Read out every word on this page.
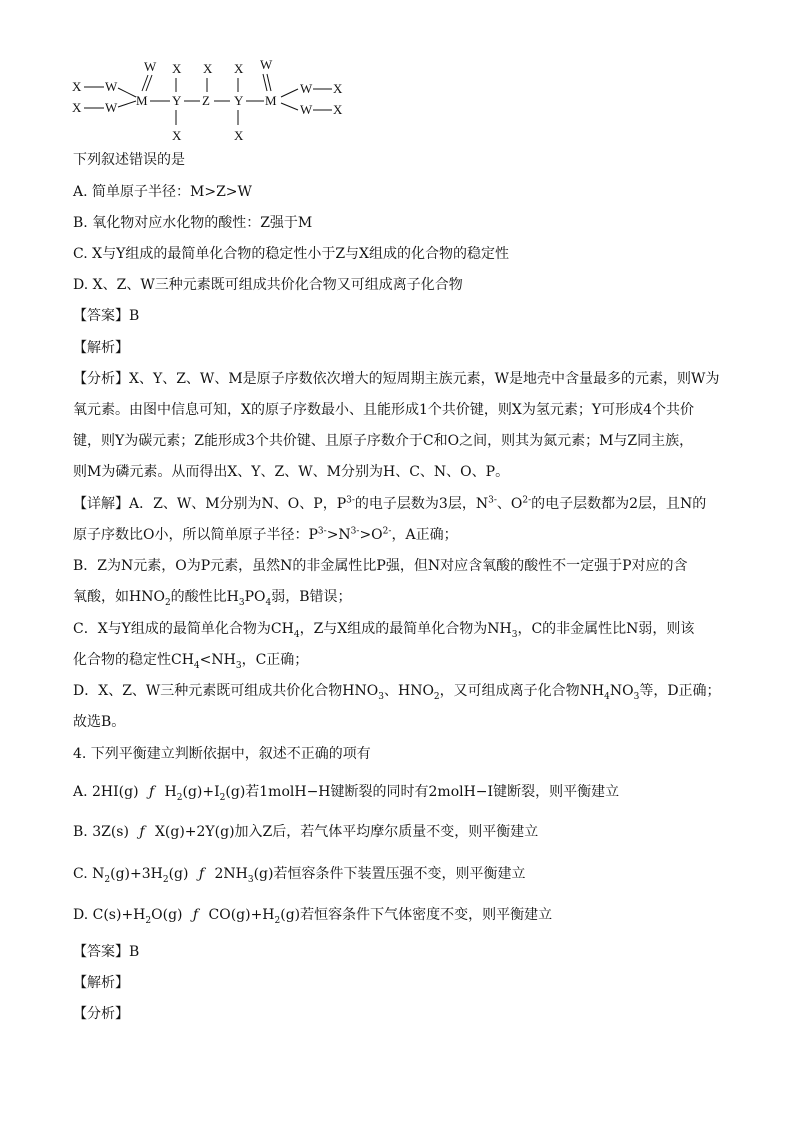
X W
X W
W
M
X
Y
X
X
Z
X
Y
X
W
M
W X
W X
下列叙述错误的是
A. 简单原子半径：M>Z>W
B. 氧化物对应水化物的酸性：Z强于M
C. X与Y组成的最简单化合物的稳定性小于Z与X组成的化合物的稳定性
D. X、Z、W三种元素既可组成共价化合物又可组成离子化合物
【答案】B
【解析】
【分析】X、Y、Z、W、M是原子序数依次增大的短周期主族元素，W是地壳中含量最多的元素，则W为
氧元素。由图中信息可知，X的原子序数最小、且能形成1个共价键，则X为氢元素；Y可形成4个共价
键，则Y为碳元素；Z能形成3个共价键、且原子序数介于C和O之间，则其为氮元素；M与Z同主族，
则M为磷元素。从而得出X、Y、Z、W、M分别为H、C、N、O、P。
【详解】A．Z、W、M分别为N、O、P，$P^{3-}$的电子层数为3层，$N^{3-}$、$O^{2-}$的电子层数都为2层，且N的
原子序数比O小，所以简单原子半径：$P^{3-}>N^{3-}>O^{2-}$，A正确；
B．Z为N元素，O为P元素，虽然N的非金属性比P强，但N对应含氧酸的酸性不一定强于P对应的含
氧酸，如$HNO_2$的酸性比$H_3PO_4$弱，B错误；
C．X与Y组成的最简单化合物为$CH_4$，Z与X组成的最简单化合物为$NH_3$，C的非金属性比N弱，则该
化合物的稳定性$CH_4<NH_3$，C正确；
D．X、Z、W三种元素既可组成共价化合物$HNO_3$、$HNO_2$，又可组成离子化合物$NH_4NO_3$等，D正确；
故选B。
4. 下列平衡建立判断依据中，叙述不正确的项有
A. 2HI(g) ƒ $H_2(g)+I_2(g)$若1molH−H键断裂的同时有2molH−I键断裂，则平衡建立
B. 3Z(s) ƒ X(g)+2Y(g)加入Z后，若气体平均摩尔质量不变，则平衡建立
C. $N_2(g)+3H_2(g)$ ƒ $2NH_3(g)$若恒容条件下装置压强不变，则平衡建立
D. $C(s)+H_2O(g)$ ƒ $CO(g)+H_2(g)$若恒容条件下气体密度不变，则平衡建立
【答案】B
【解析】
【分析】
